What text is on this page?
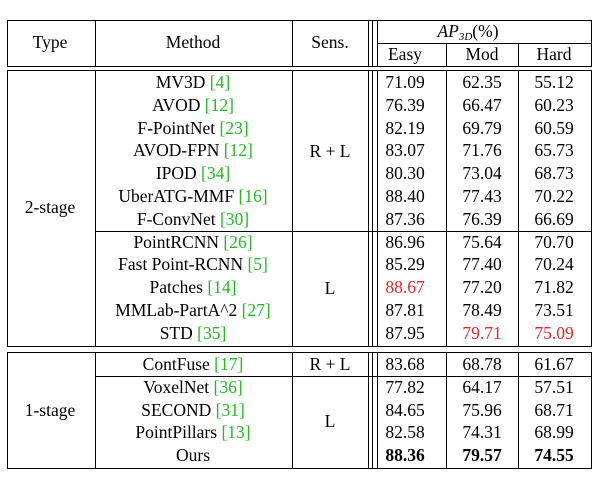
Type	Method	Sens.
$AP_{3D}(\%)$
Easy Mod Hard
MV3D [4]	71.09 62.35 55.12
AVOD [12]	76.39 66.47 60.23
F-PointNet [23]	82.19 69.79 60.59
AVOD-FPN [12]	83.07 71.76 65.73
IPOD [34]	80.30 73.04 68.73
UberATG-MMF [16]	88.40 77.43 70.22
F-ConvNet [30]	87.36 76.39 66.69
R + L
PointRCNN [26]	86.96 75.64 70.70
Fast Point-RCNN [5]	85.29 77.40 70.24
Patches [14]	88.67 77.20 71.82
MMLab-PartA^2 [27]	87.81 78.49 73.51
STD [35]	87.95 79.71 75.09
L
2-stage
ContFuse [17]	83.68 68.78 61.67
R + L
VoxelNet [36]	77.82 64.17 57.51
SECOND [31]	84.65 75.96 68.71
PointPillars [13]	82.58 74.31 68.99
Ours	88.36 79.57 74.55
L
1-stage
